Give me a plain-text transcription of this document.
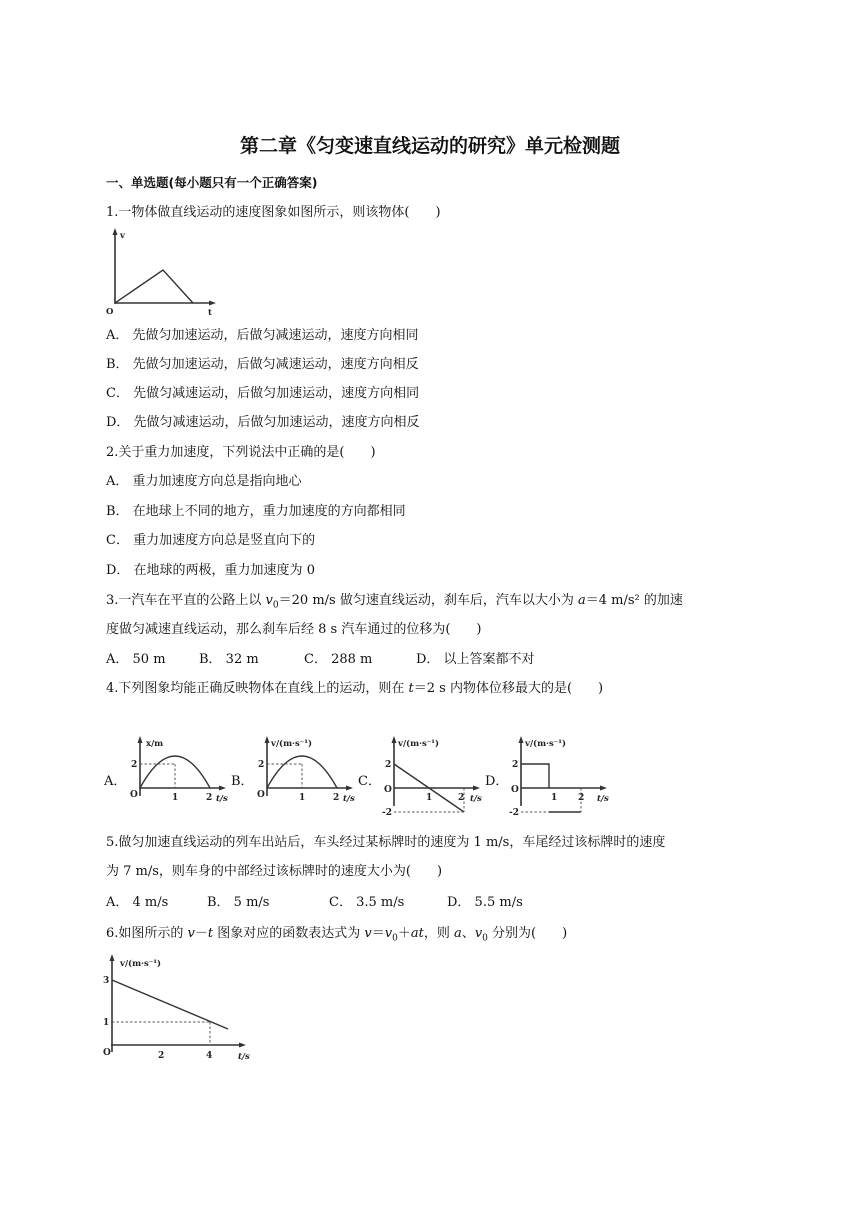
第二章《匀变速直线运动的研究》单元检测题
一、单选题(每小题只有一个正确答案)
1.一物体做直线运动的速度图象如图所示，则该物体(　　)
v
t
O
A． 先做匀加速运动，后做匀减速运动，速度方向相同
B． 先做匀加速运动，后做匀减速运动，速度方向相反
C． 先做匀减速运动，后做匀加速运动，速度方向相同
D． 先做匀减速运动，后做匀加速运动，速度方向相反
2.关于重力加速度，下列说法中正确的是(　　)
A． 重力加速度方向总是指向地心
B． 在地球上不同的地方，重力加速度的方向都相同
C． 重力加速度方向总是竖直向下的
D． 在地球的两极，重力加速度为 0
3.一汽车在平直的公路上以 $v_0=20$ m/s 做匀速直线运动，刹车后，汽车以大小为 a＝4 m/s² 的加速
度做匀减速直线运动，那么刹车后经 8 s 汽车通过的位移为(　　)
A． 50 m	B． 32 m	C． 288 m	D． 以上答案都不对
4.下列图象均能正确反映物体在直线上的运动，则在 t＝2 s 内物体位移最大的是(　　)
A．
x/m
2
O	1	2 t/s
B．
v/(m·s⁻¹)
2
O	1	2 t/s
C．
v/(m·s⁻¹)
2
O
-2
1	2 t/s
D．
v/(m·s⁻¹)
2
O
-2
1 2 t/s
5.做匀加速直线运动的列车出站后，车头经过某标牌时的速度为 1 m/s，车尾经过该标牌时的速度
为 7 m/s，则车身的中部经过该标牌时的速度大小为(　　)
A． 4 m/s	B． 5 m/s	C． 3.5 m/s	D． 5.5 m/s
6.如图所示的 v－t 图象对应的函数表达式为 $v=v_0+at$，则 a、$v_0$ 分别为(　　)
v/(m·s⁻¹)
3
1
O	2	4	t/s
